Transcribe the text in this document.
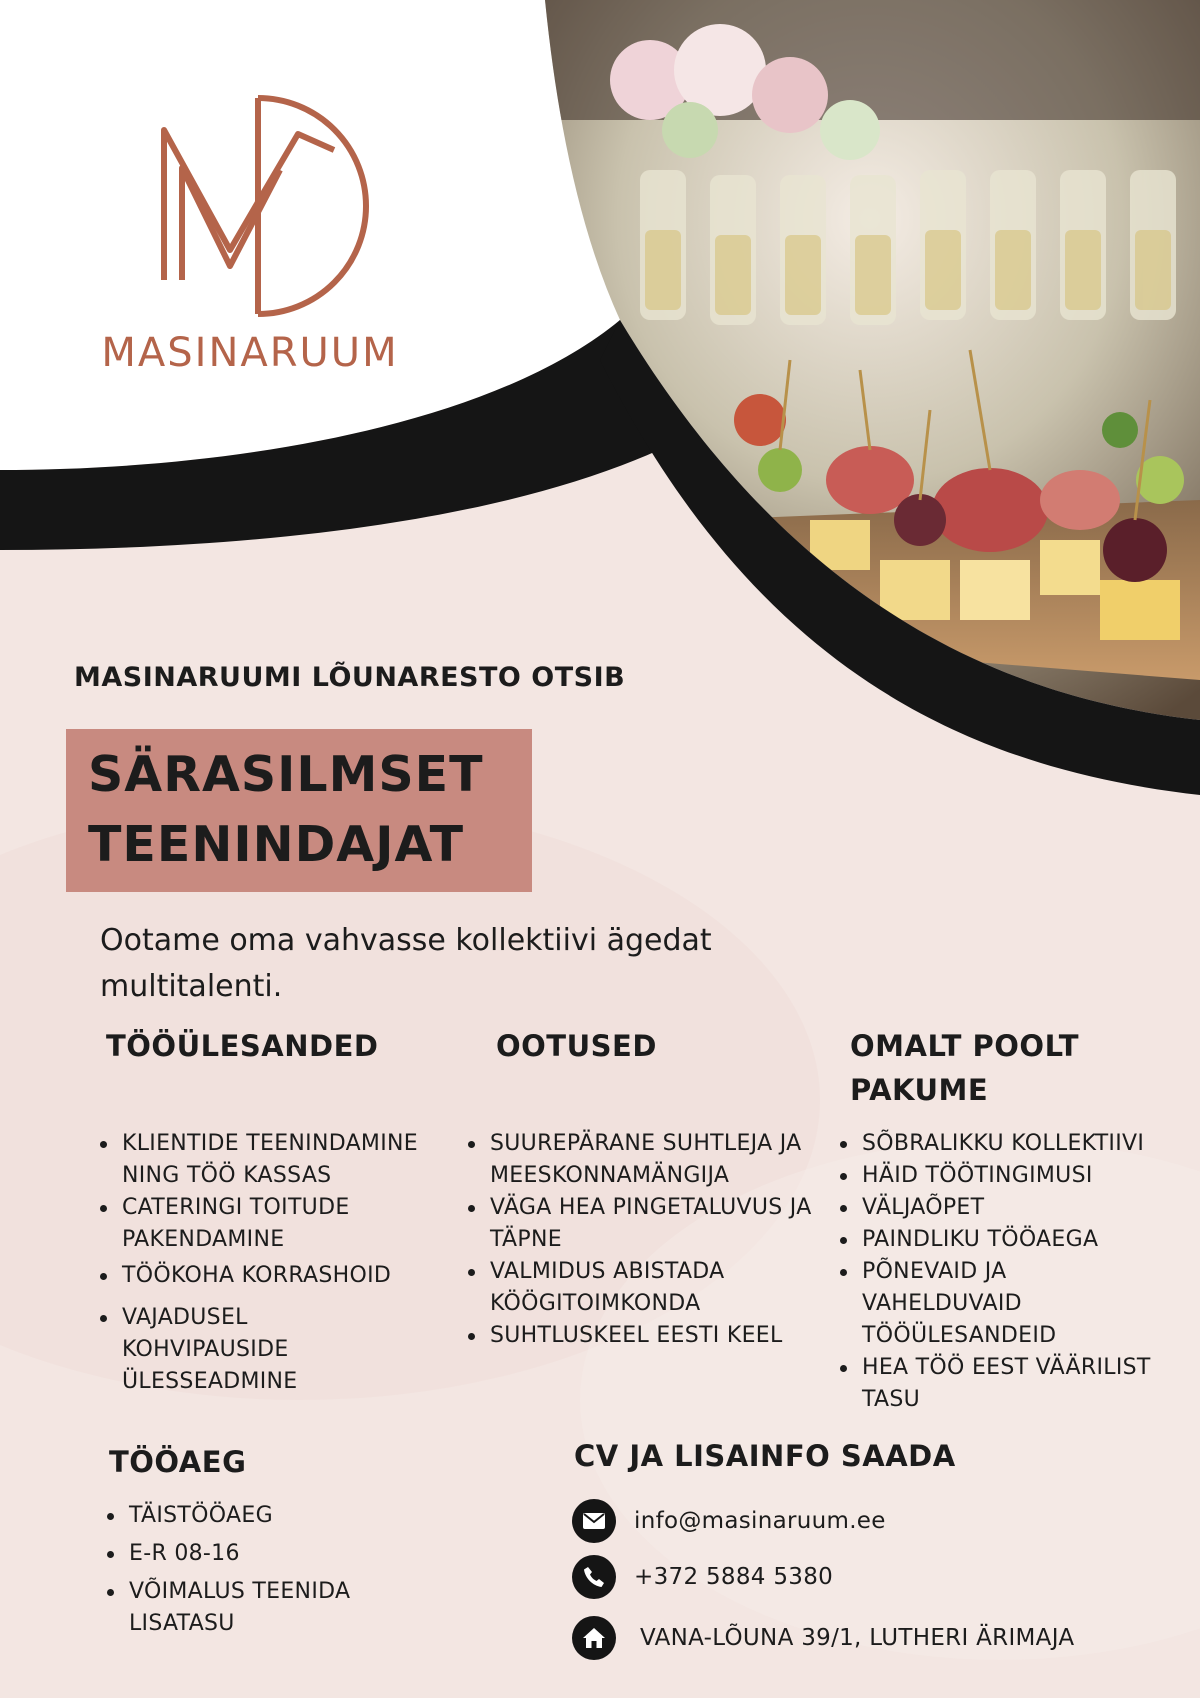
MASINARUUM
MASINARUUMI LÕUNARESTO OTSIB
SÄRASILMSET
TEENINDAJAT
Ootame oma vahvasse kollektiivi ägedat multitalenti.
TÖÖÜLESANDED
KLIENTIDE TEENINDAMINE NING TÖÖ KASSAS
CATERINGI TOITUDE PAKENDAMINE
TÖÖKOHA KORRASHOID
VAJADUSEL KOHVIPAUSIDE ÜLESSEADMINE
OOTUSED
SUUREPÄRANE SUHTLEJA JA MEESKONNAMÄNGIJA
VÄGA HEA PINGETALUVUS JA TÄPNE
VALMIDUS ABISTADA KÖÖGITOIMKONDA
SUHTLUSKEEL EESTI KEEL
OMALT POOLT PAKUME
SÕBRALIKKU KOLLEKTIIVI
HÄID TÖÖTINGIMUSI
VÄLJAÕPET
PAINDLIKU TÖÖAEGA
PÕNEVAID JA VAHELDUVAID TÖÖÜLESANDEID
HEA TÖÖ EEST VÄÄRILIST TASU
TÖÖAEG
TÄISTÖÖAEG
E-R 08-16
VÕIMALUS TEENIDA LISATASU
CV JA LISAINFO SAADA
info@masinaruum.ee
+372 5884 5380
VANA-LÕUNA 39/1, LUTHERI ÄRIMAJA
